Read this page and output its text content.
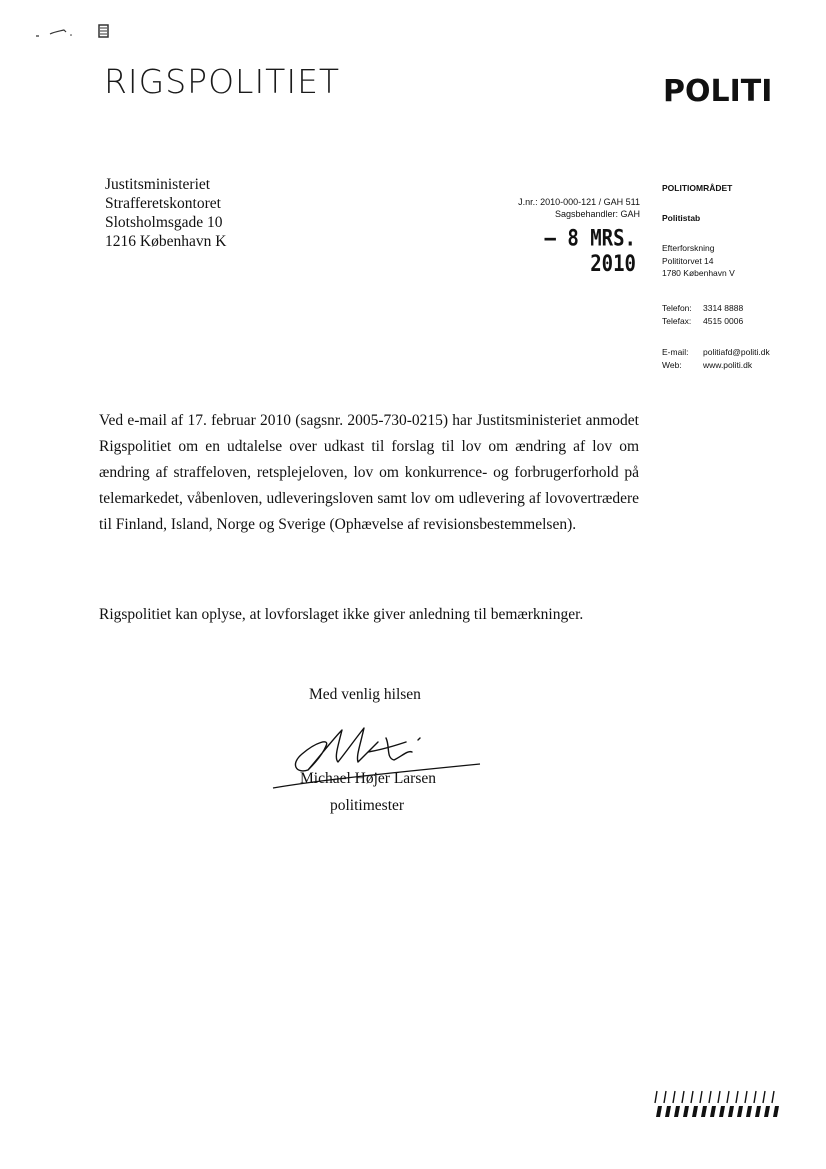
RIGSPOLITIET	POLITI
Justitsministeriet
Strafferetskontoret
Slotsholmsgade 10
1216 København K
J.nr.: 2010-000-121 / GAH 511
Sagsbehandler: GAH
– 8 MRS. 2010
POLITIOMRÅDET
Politistab
Efterforskning
Polititorvet 14
1780 København V
Telefon:	3314 8888
Telefax:	4515 0006
E-mail:	politiafd@politi.dk
Web:	www.politi.dk

Ved e-mail af 17. februar 2010 (sagsnr. 2005-730-0215) har Justitsministeriet anmodet Rigspolitiet om en udtalelse over udkast til forslag til lov om ændring af lov om ændring af straffeloven, retsplejeloven, lov om konkurrence- og forbrugerforhold på telemarkedet, våbenloven, udleveringsloven samt lov om udlevering af lovovertrædere til Finland, Island, Norge og Sverige (Ophævelse af revisionsbestemmelsen).

Rigspolitiet kan oplyse, at lovforslaget ikke giver anledning til bemærkninger.

Med venlig hilsen
Michael Højer Larsen
politimester
